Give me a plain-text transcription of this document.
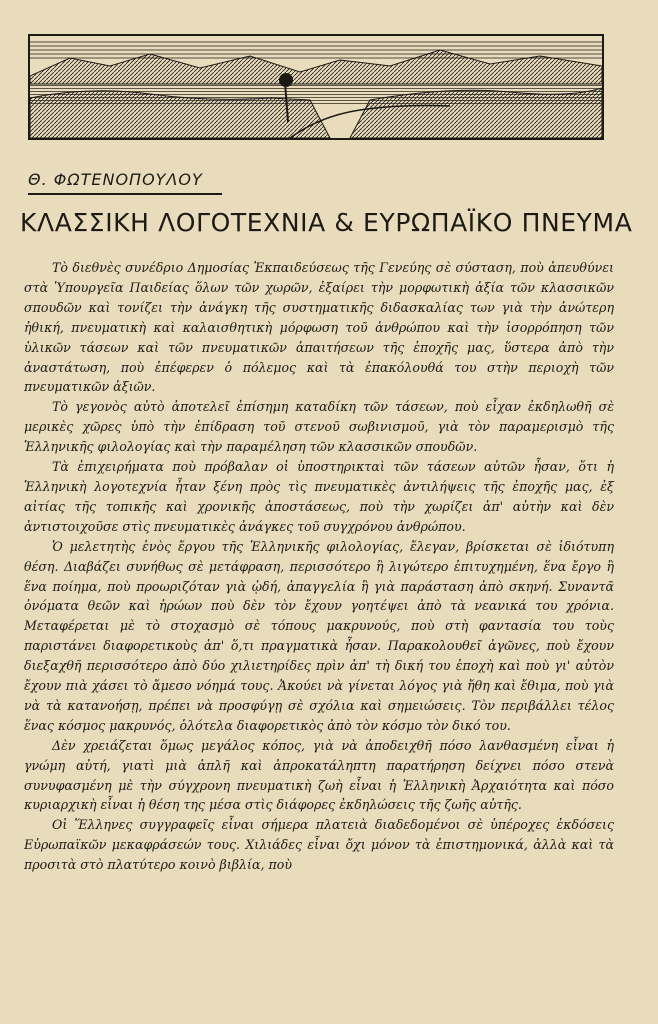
Θ. ΦΩΤΕΝΟΠΟΥΛΟΥ
ΚΛΑΣΣΙΚΗ ΛΟΓΟΤΕΧΝΙΑ & ΕΥΡΩΠΑΪΚΟ ΠΝΕΥΜΑ

Τὸ διεθνὲς συνέδριο Δημοσίας Ἐκπαιδεύσεως τῆς Γενεύης σὲ σύσταση, ποὺ ἀπευθύνει στὰ Ὑπουργεῖα Παιδείας ὅλων τῶν χωρῶν, ἐξαίρει τὴν μορφωτικὴ ἀξία τῶν κλασσικῶν σπουδῶν καὶ τονίζει τὴν ἀνάγκη τῆς συστηματικῆς διδασκαλίας των γιὰ τὴν ἀνώτερη ἠθική, πνευματικὴ καὶ καλαισθητικὴ μόρφωση τοῦ ἀνθρώπου καὶ τὴν ἰσορρόπηση τῶν ὑλικῶν τάσεων καὶ τῶν πνευματικῶν ἀπαιτήσεων τῆς ἐποχῆς μας, ὕστερα ἀπὸ τὴν ἀναστάτωση, ποὺ ἐπέφερεν ὁ πόλεμος καὶ τὰ ἐπακόλουθά του στὴν περιοχὴ τῶν πνευματικῶν ἀξιῶν.

Τὸ γεγονὸς αὐτὸ ἀποτελεῖ ἐπίσημη καταδίκη τῶν τάσεων, ποὺ εἶχαν ἐκδηλωθῆ σὲ μερικὲς χῶρες ὑπὸ τὴν ἐπίδραση τοῦ στενοῦ σωβινισμοῦ, γιὰ τὸν παραμερισμὸ τῆς Ἑλληνικῆς φιλολογίας καὶ τὴν παραμέληση τῶν κλασσικῶν σπουδῶν.

Τὰ ἐπιχειρήματα ποὺ πρόβαλαν οἱ ὑποστηρικταὶ τῶν τάσεων αὐτῶν ἦσαν, ὅτι ἡ Ἑλληνικὴ λογοτεχνία ἦταν ξένη πρὸς τὶς πνευματικὲς ἀντιλήψεις τῆς ἐποχῆς μας, ἐξ αἰτίας τῆς τοπικῆς καὶ χρονικῆς ἀποστάσεως, ποὺ τὴν χωρίζει ἀπ' αὐτὴν καὶ δὲν ἀντιστοιχοῦσε στὶς πνευματικὲς ἀνάγκες τοῦ συγχρόνου ἀνθρώπου.

Ὁ μελετητὴς ἑνὸς ἔργου τῆς Ἑλληνικῆς φιλολογίας, ἔλεγαν, βρίσκεται σὲ ἰδιότυπη θέση. Διαβάζει συνήθως σὲ μετάφραση, περισσότερο ἢ λιγώτερο ἐπιτυχημένη, ἕνα ἔργο ἢ ἕνα ποίημα, ποὺ προωριζόταν γιὰ ᾠδή, ἀπαγγελία ἢ γιὰ παράσταση ἀπὸ σκηνή. Συναντᾶ ὀνόματα θεῶν καὶ ἡρώων ποὺ δὲν τὸν ἔχουν γοητέψει ἀπὸ τὰ νεανικά του χρόνια. Μεταφέρεται μὲ τὸ στοχασμὸ σὲ τόπους μακρυνούς, ποὺ στὴ φαντασία του τοὺς παριστάνει διαφορετικοὺς ἀπ' ὅ,τι πραγματικὰ ἦσαν. Παρακολουθεῖ ἀγῶνες, ποὺ ἔχουν διεξαχθῆ περισσότερο ἀπὸ δύο χιλιετηρίδες πρὶν ἀπ' τὴ δική του ἐποχὴ καὶ ποὺ γι' αὐτὸν ἔχουν πιὰ χάσει τὸ ἄμεσο νόημά τους. Ἀκούει νὰ γίνεται λόγος γιὰ ἤθη καὶ ἔθιμα, ποὺ γιὰ νὰ τὰ κατανοήσῃ, πρέπει νὰ προσφύγῃ σὲ σχόλια καὶ σημειώσεις. Τὸν περιβάλλει τέλος ἕνας κόσμος μακρυνός, ὁλότελα διαφορετικὸς ἀπὸ τὸν κόσμο τὸν δικό του.

Δὲν χρειάζεται ὅμως μεγάλος κόπος, γιὰ νὰ ἀποδειχθῆ πόσο λανθασμένη εἶναι ἡ γνώμη αὐτή, γιατὶ μιὰ ἁπλῆ καὶ ἀπροκατάληπτη παρατήρηση δείχνει πόσο στενὰ συνυφασμένη μὲ τὴν σύγχρονη πνευματικὴ ζωὴ εἶναι ἡ Ἑλληνικὴ Ἀρχαιότητα καὶ πόσο κυριαρχικὴ εἶναι ἡ θέση της μέσα στὶς διάφορες ἐκδηλώσεις τῆς ζωῆς αὐτῆς.

Οἱ Ἕλληνες συγγραφεῖς εἶναι σήμερα πλατειὰ διαδεδομένοι σὲ ὑπέροχες ἐκδόσεις Εὐρωπαϊκῶν μεκαφράσεών τους. Χιλιάδες εἶναι ὄχι μόνον τὰ ἐπιστημονικά, ἀλλὰ καὶ τὰ προσιτὰ στὸ πλατύτερο κοινὸ βιβλία, ποὺ
